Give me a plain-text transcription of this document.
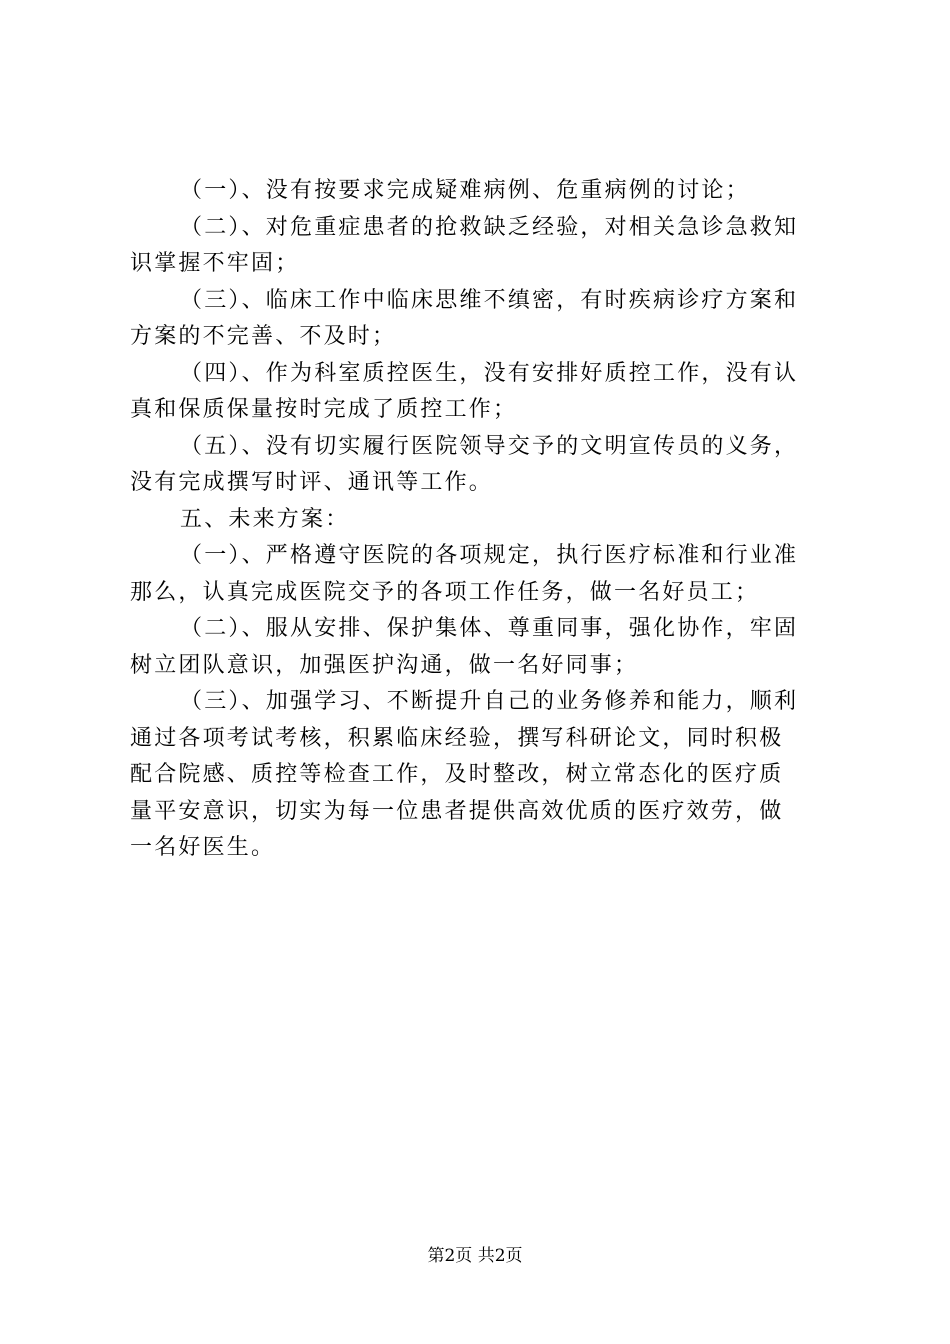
（一）、没有按要求完成疑难病例、危重病例的讨论；
（二）、对危重症患者的抢救缺乏经验，对相关急诊急救知
识掌握不牢固；
（三）、临床工作中临床思维不缜密，有时疾病诊疗方案和
方案的不完善、不及时；
（四）、作为科室质控医生，没有安排好质控工作，没有认
真和保质保量按时完成了质控工作；
（五）、没有切实履行医院领导交予的文明宣传员的义务，
没有完成撰写时评、通讯等工作。
五、未来方案：
（一）、严格遵守医院的各项规定，执行医疗标准和行业准
那么，认真完成医院交予的各项工作任务，做一名好员工；
（二）、服从安排、保护集体、尊重同事，强化协作，牢固
树立团队意识，加强医护沟通，做一名好同事；
（三）、加强学习、不断提升自己的业务修养和能力，顺利
通过各项考试考核，积累临床经验，撰写科研论文，同时积极
配合院感、质控等检查工作，及时整改，树立常态化的医疗质
量平安意识，切实为每一位患者提供高效优质的医疗效劳，做
一名好医生。
第2页 共2页
